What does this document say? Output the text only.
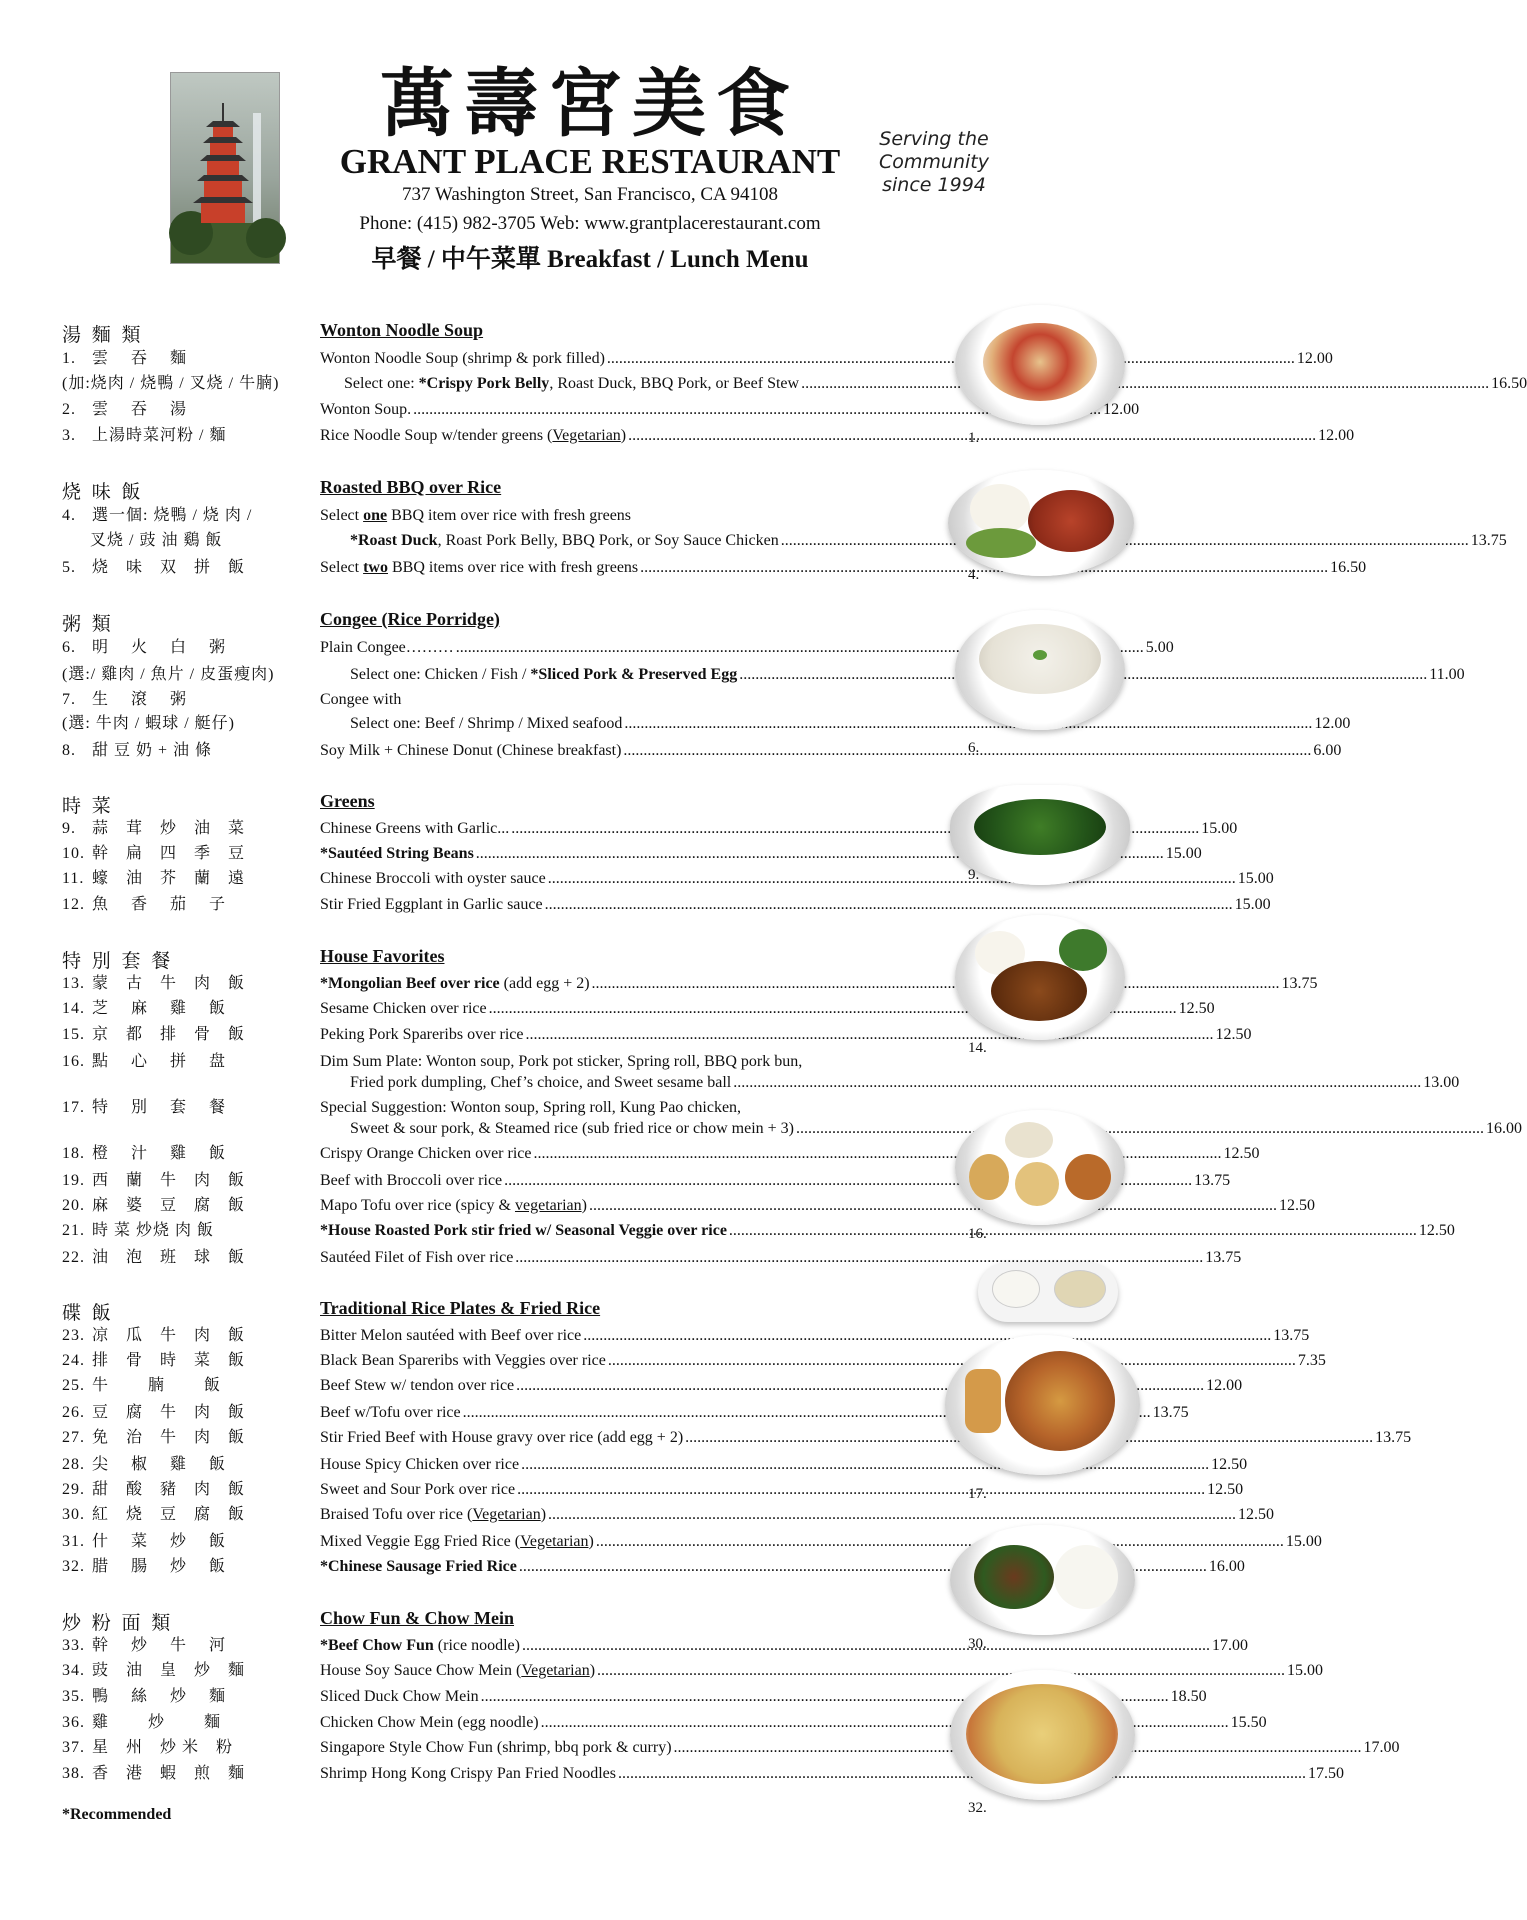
萬壽宮美食
GRANT PLACE RESTAURANT
737 Washington Street, San Francisco, CA 94108
Phone: (415) 982-3705 Web: www.grantplacerestaurant.com
早餐 / 中午菜單 Breakfast / Lunch Menu
Serving the
Community
since 1994
湯 麵 類	Wonton Noodle Soup
1. 雲　 吞　 麵	Wonton Noodle Soup (shrimp & pork filled) .....	12.00
(加:烧肉 / 烧鴨 / 叉烧 / 牛腩)	Select one: *Crispy Pork Belly, Roast Duck, BBQ Pork, or Beef Stew .....	16.50
2. 雲　 吞　 湯	Wonton Soup. .....	12.00
3. 上湯時菜河粉 / 麵	Rice Noodle Soup w/tender greens (Vegetarian) .....	12.00
烧 味 飯	Roasted BBQ over Rice
4. 選一個: 烧鴨 / 烧 肉 /	Select one BBQ item over rice with fresh greens
叉烧 / 豉 油 鷄 飯	*Roast Duck, Roast Pork Belly, BBQ Pork, or Soy Sauce Chicken .....	13.75
5. 烧　味　双　拼　飯	Select two BBQ items over rice with fresh greens .....	16.50
粥 類	Congee (Rice Porridge)
6. 明　 火　 白　 粥	Plain Congee……… .....	5.00
(選:/ 雞肉 / 魚片 / 皮蛋瘦肉)	Select one: Chicken / Fish / *Sliced Pork & Preserved Egg .....	11.00
7. 生　 滾　 粥	Congee with
(選: 牛肉 / 蝦球 / 艇仔)	Select one: Beef / Shrimp / Mixed seafood .....	12.00
8. 甜 豆 奶 + 油 條	Soy Milk + Chinese Donut (Chinese breakfast) .....	6.00
時 菜	Greens
9. 蒜　茸　炒　油　菜	Chinese Greens with Garlic... .....	15.00
10. 幹　扁　四　季　豆	*Sautéed String Beans .....	15.00
11. 蠔　油　芥　蘭　遠	Chinese Broccoli with oyster sauce .....	15.00
12. 魚　 香　 茄　 子	Stir Fried Eggplant in Garlic sauce .....	15.00
特 別 套 餐	House Favorites
13. 蒙　古　牛　肉　飯	*Mongolian Beef over rice (add egg + 2) .....	13.75
14. 芝　 麻　 雞　 飯	Sesame Chicken over rice .....	12.50
15. 京　都　排　骨　飯	Peking Pork Spareribs over rice .....	12.50
16. 點　 心　 拼　 盘	Dim Sum Plate: Wonton soup, Pork pot sticker, Spring roll, BBQ pork bun,
Fried pork dumpling, Chef’s choice, and Sweet sesame ball .....	13.00
17. 特　 別　 套　 餐	Special Suggestion: Wonton soup, Spring roll, Kung Pao chicken,
Sweet & sour pork, & Steamed rice (sub fried rice or chow mein + 3) .....	16.00
18. 橙　 汁　 雞　 飯	Crispy Orange Chicken over rice .....	12.50
19. 西　蘭　牛　肉　飯	Beef with Broccoli over rice .....	13.75
20. 麻　婆　豆　腐　飯	Mapo Tofu over rice (spicy & vegetarian) .....	12.50
21. 時 菜 炒烧 肉 飯	*House Roasted Pork stir fried w/ Seasonal Veggie over rice .....	12.50
22. 油　泡　班　球　飯	Sautéed Filet of Fish over rice .....	13.75
碟 飯	Traditional Rice Plates & Fried Rice
23. 凉　瓜　牛　肉　飯	Bitter Melon sautéed with Beef over rice .....	13.75
24. 排　骨　時　菜　飯	Black Bean Spareribs with Veggies over rice .....	7.35
25. 牛　　 腩　　 飯	Beef Stew w/ tendon over rice .....	12.00
26. 豆　腐　牛　肉　飯	Beef w/Tofu over rice .....	13.75
27. 免　治　牛　肉　飯	Stir Fried Beef with House gravy over rice (add egg + 2) .....	13.75
28. 尖　 椒　 雞　 飯	House Spicy Chicken over rice .....	12.50
29. 甜　酸　豬　肉　飯	Sweet and Sour Pork over rice .....	12.50
30. 紅　烧　豆　腐　飯	Braised Tofu over rice (Vegetarian) .....	12.50
31. 什　 菜　 炒　 飯	Mixed Veggie Egg Fried Rice (Vegetarian) .....	15.00
32. 腊　 腸　 炒　 飯	*Chinese Sausage Fried Rice .....	16.00
炒 粉 面 類	Chow Fun & Chow Mein
33. 幹　 炒　 牛　 河	*Beef Chow Fun (rice noodle) .....	17.00
34. 豉　油　皇　炒　麵	House Soy Sauce Chow Mein (Vegetarian) .....	15.00
35. 鴨　 絲　 炒　 麵	Sliced Duck Chow Mein .....	18.50
36. 雞　　 炒　　 麵	Chicken Chow Mein (egg noodle) .....	15.50
37. 星　州　炒 米　粉	Singapore Style Chow Fun (shrimp, bbq pork & curry) .....	17.00
38. 香　港　蝦　煎　麵	Shrimp Hong Kong Crispy Pan Fried Noodles .....	17.50
*Recommended
1.
4.
6.
9.
14.
16.
17.
30.
32.
